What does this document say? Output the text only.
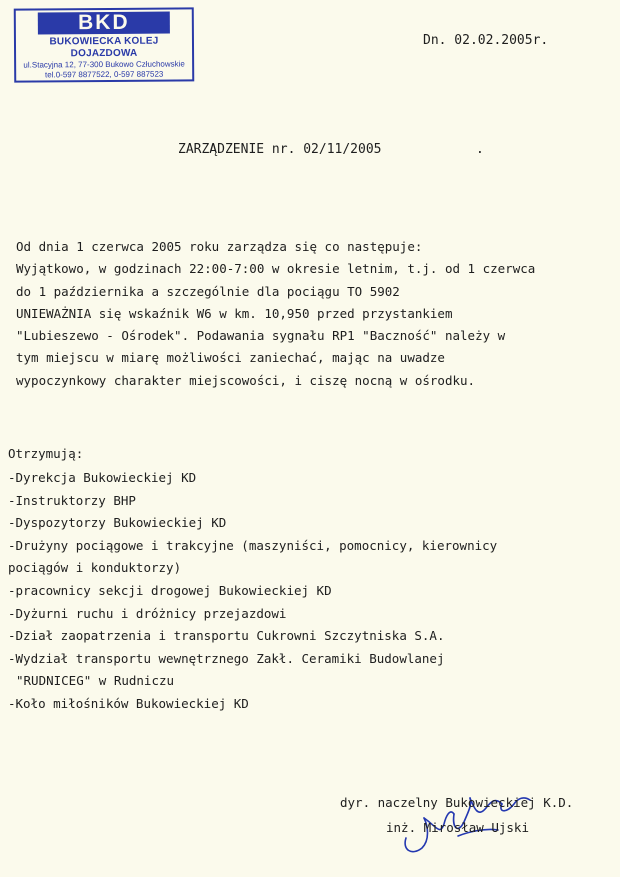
BKD
BUKOWIECKA KOLEJ DOJAZDOWA
ul.Stacyjna 12, 77-300 Bukowo Człuchowskie
tel.0-597 8877522, 0-597 887523
Dn. 02.02.2005r.
ZARZĄDZENIE nr. 02/11/2005	.
Od dnia 1 czerwca 2005 roku zarządza się co następuje:
Wyjątkowo, w godzinach 22:00-7:00 w okresie letnim, t.j. od 1 czerwca
do 1 października a szczególnie dla pociągu TO 5902
UNIEWAŻNIA się wskaźnik W6 w km. 10,950 przed przystankiem
"Lubieszewo - Ośrodek". Podawania sygnału RP1 "Baczność" należy w
tym miejscu w miarę możliwości zaniechać, mając na uwadze
wypoczynkowy charakter miejscowości, i ciszę nocną w ośrodku.
Otrzymują:
-Dyrekcja Bukowieckiej KD
-Instruktorzy BHP
-Dyspozytorzy Bukowieckiej KD
-Drużyny pociągowe i trakcyjne (maszyniści, pomocnicy, kierownicy
pociągów i konduktorzy)
-pracownicy sekcji drogowej Bukowieckiej KD
-Dyżurni ruchu i dróżnicy przejazdowi
-Dział zaopatrzenia i transportu Cukrowni Szczytniska S.A.
-Wydział transportu wewnętrznego Zakł. Ceramiki Budowlanej
"RUDNICEG" w Rudniczu
-Koło miłośników Bukowieckiej KD
dyr. naczelny Bukowieckiej K.D.
inż. Mirosław Ujski
